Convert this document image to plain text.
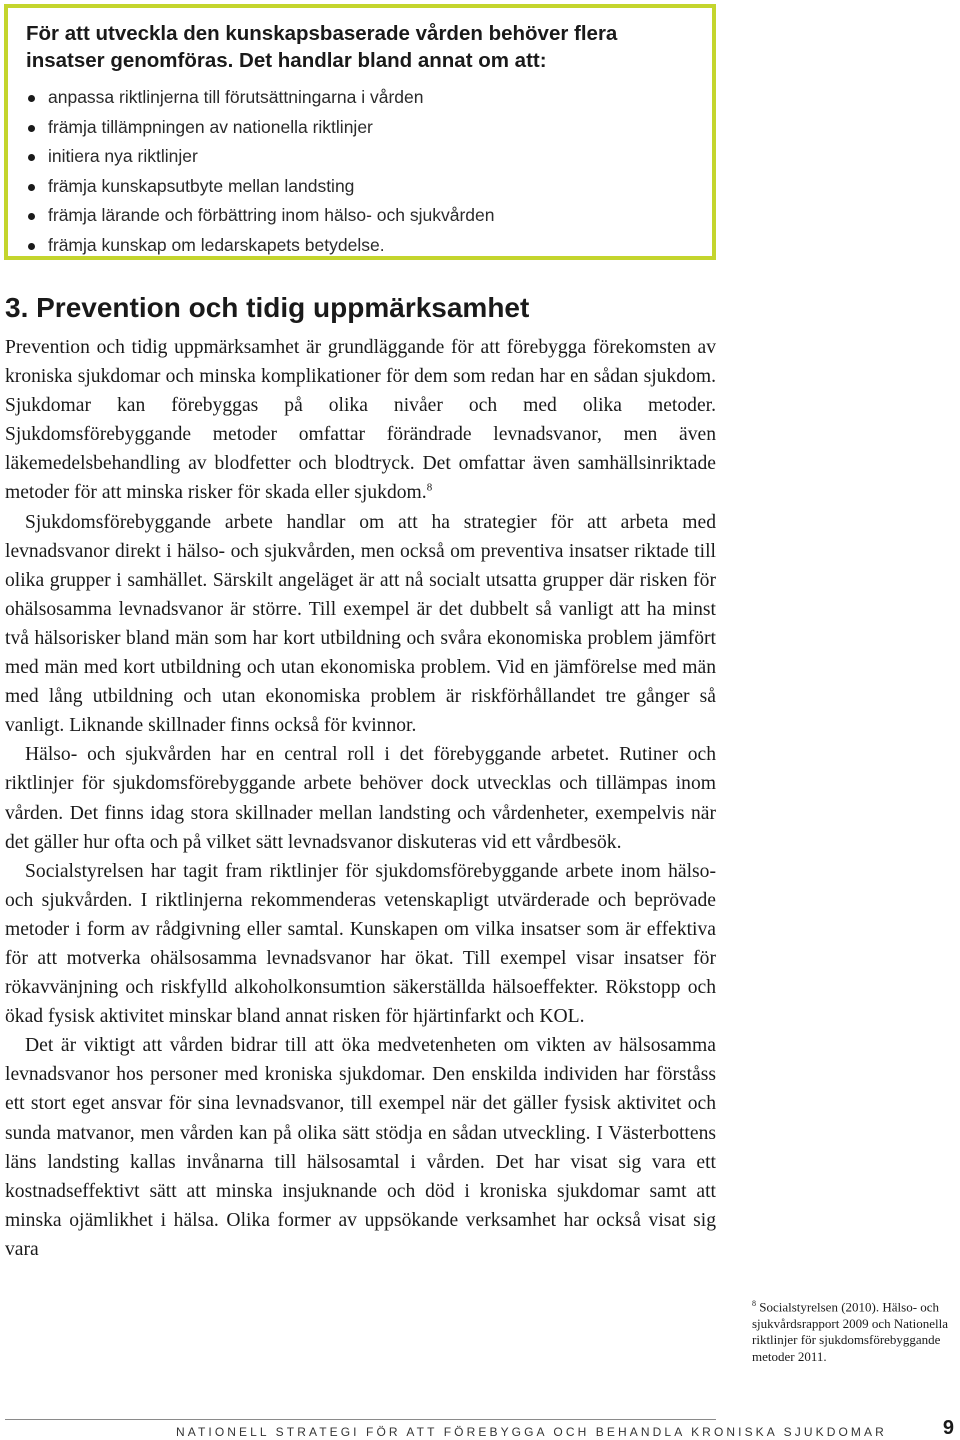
För att utveckla den kunskapsbaserade vården behöver flera insatser genomföras. Det handlar bland annat om att:

anpassa riktlinjerna till förutsättningarna i vården
främja tillämpningen av nationella riktlinjer
initiera nya riktlinjer
främja kunskapsutbyte mellan landsting
främja lärande och förbättring inom hälso- och sjukvården
främja kunskap om ledarskapets betydelse.
3. Prevention och tidig uppmärksamhet

Prevention och tidig uppmärksamhet är grundläggande för att förebygga förekomsten av kroniska sjukdomar och minska komplikationer för dem som redan har en sådan sjukdom. Sjukdomar kan förebyggas på olika nivåer och med olika metoder. Sjukdomsförebyggande metoder omfattar förändrade levnadsvanor, men även läkemedelsbehandling av blodfetter och blodtryck. Det omfattar även samhällsinriktade metoder för att minska risker för skada eller sjukdom.$^8$

Sjukdomsförebyggande arbete handlar om att ha strategier för att arbeta med levnadsvanor direkt i hälso- och sjukvården, men också om preventiva insatser riktade till olika grupper i samhället. Särskilt angeläget är att nå socialt utsatta grupper där risken för ohälsosamma levnadsvanor är större. Till exempel är det dubbelt så vanligt att ha minst två hälsorisker bland män som har kort utbildning och svåra ekonomiska problem jämfört med män med kort utbildning och utan ekonomiska problem. Vid en jämförelse med män med lång utbildning och utan ekonomiska problem är riskförhållandet tre gånger så vanligt. Liknande skillnader finns också för kvinnor.

Hälso- och sjukvården har en central roll i det förebyggande arbetet. Rutiner och riktlinjer för sjukdomsförebyggande arbete behöver dock utvecklas och tillämpas inom vården. Det finns idag stora skillnader mellan landsting och vårdenheter, exempelvis när det gäller hur ofta och på vilket sätt levnadsvanor diskuteras vid ett vårdbesök.

Socialstyrelsen har tagit fram riktlinjer för sjukdomsförebyggande arbete inom hälso- och sjukvården. I riktlinjerna rekommenderas vetenskapligt utvärderade och beprövade metoder i form av rådgivning eller samtal. Kunskapen om vilka insatser som är effektiva för att motverka ohälsosamma levnadsvanor har ökat. Till exempel visar insatser för rökavvänjning och riskfylld alkoholkonsumtion säkerställda hälsoeffekter. Rökstopp och ökad fysisk aktivitet minskar bland annat risken för hjärtinfarkt och KOL.

Det är viktigt att vården bidrar till att öka medvetenheten om vikten av hälsosamma levnadsvanor hos personer med kroniska sjukdomar. Den enskilda individen har förståss ett stort eget ansvar för sina levnadsvanor, till exempel när det gäller fysisk aktivitet och sunda matvanor, men vården kan på olika sätt stödja en sådan utveckling. I Västerbottens läns landsting kallas invånarna till hälsosamtal i vården. Det har visat sig vara ett kostnadseffektivt sätt att minska insjuknande och död i kroniska sjukdomar samt att minska ojämlikhet i hälsa. Olika former av uppsökande verksamhet har också visat sig vara

$^8$ Socialstyrelsen (2010). Hälso- och sjukvårdsrapport 2009 och Nationella riktlinjer för sjukdomsförebyggande metoder 2011.
NATIONELL STRATEGI FÖR ATT FÖREBYGGA OCH BEHANDLA KRONISKA SJUKDOMAR	9
